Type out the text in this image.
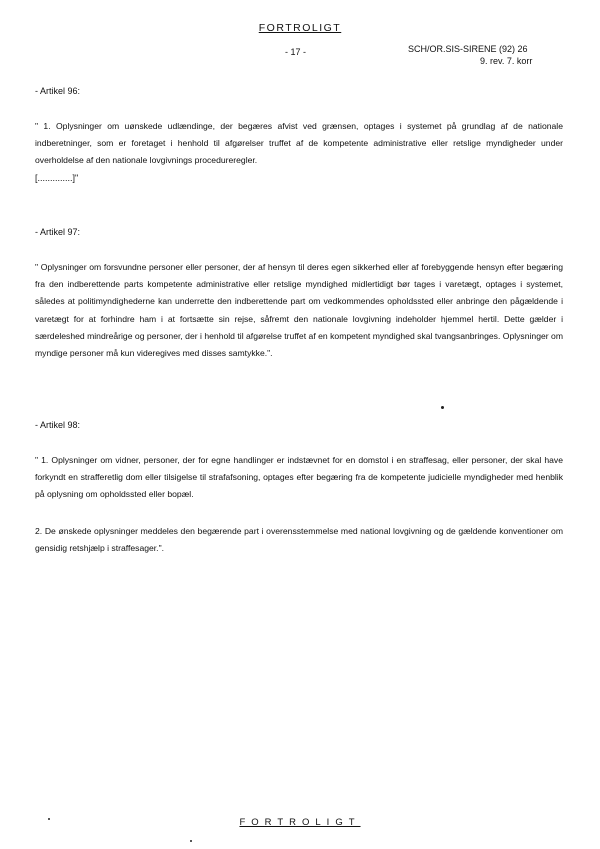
FORTROLIGT
- 17 -	SCH/OR.SIS-SIRENE (92) 26
9. rev. 7. korr
- Artikel 96:

" 1. Oplysninger om uønskede udlændinge, der begæres afvist ved grænsen, optages i systemet på grundlag af de nationale indberetninger, som er foretaget i henhold til afgørelser truffet af de kompetente administrative eller retslige myndigheder under overholdelse af den nationale lovgivnings procedureregler.

[..............]"

- Artikel 97:

" Oplysninger om forsvundne personer eller personer, der af hensyn til deres egen sikkerhed eller af forebyggende hensyn efter begæring fra den indberettende parts kompetente administrative eller retslige myndighed midlertidigt bør tages i varetægt, optages i systemet, således at politimyndighederne kan underrette den indberettende part om vedkommendes opholdssted eller anbringe den pågældende i varetægt for at forhindre ham i at fortsætte sin rejse, såfremt den nationale lovgivning indeholder hjemmel hertil. Dette gælder i særdeleshed mindreårige og personer, der i henhold til afgørelse truffet af en kompetent myndighed skal tvangsanbringes. Oplysninger om myndige personer må kun videregives med disses samtykke.".

- Artikel 98:

" 1. Oplysninger om vidner, personer, der for egne handlinger er indstævnet for en domstol i en straffesag, eller personer, der skal have forkyndt en strafferetlig dom eller tilsigelse til strafafsoning, optages efter begæring fra de kompetente judicielle myndigheder med henblik på oplysning om opholdssted eller bopæl.

2. De ønskede oplysninger meddeles den begærende part i overensstemmelse med national lovgivning og de gældende konventioner om gensidig retshjælp i straffesager.".

FORTROLIGT
